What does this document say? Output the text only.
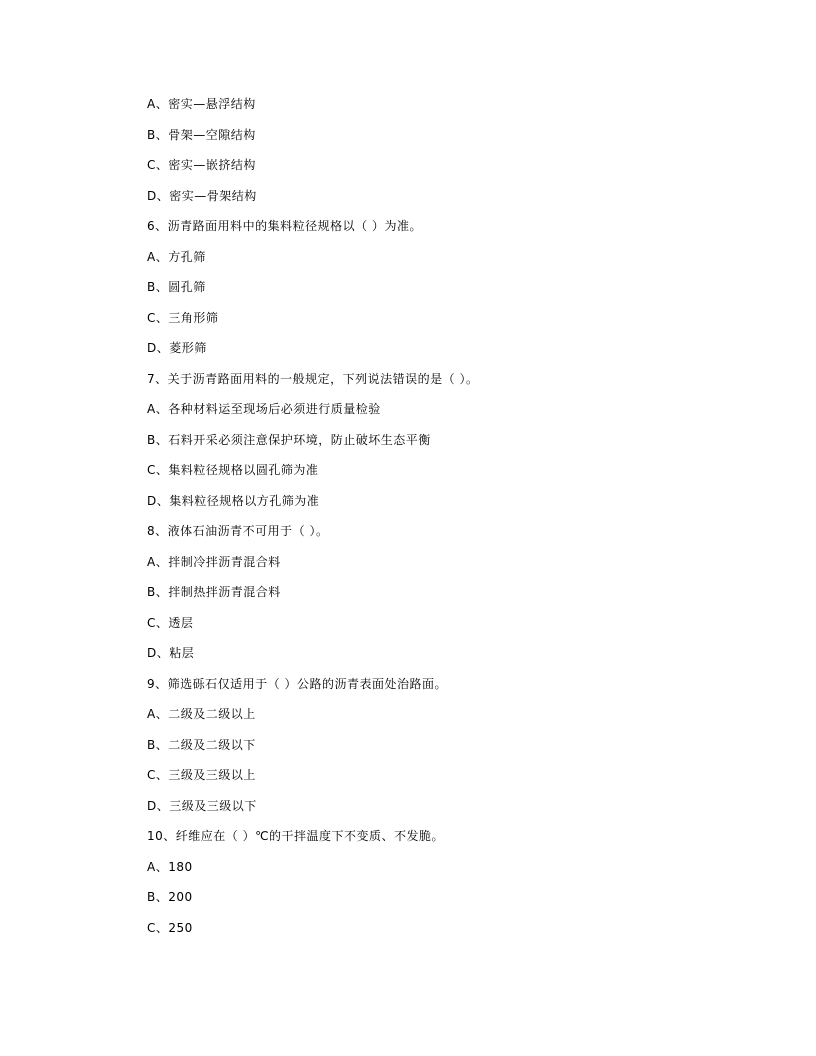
A、密实—悬浮结构
B、骨架—空隙结构
C、密实—嵌挤结构
D、密实—骨架结构
6、沥青路面用料中的集料粒径规格以（ ）为准。
A、方孔筛
B、圆孔筛
C、三角形筛
D、菱形筛
7、关于沥青路面用料的一般规定，下列说法错误的是（ ）。
A、各种材料运至现场后必须进行质量检验
B、石料开采必须注意保护环境，防止破坏生态平衡
C、集料粒径规格以圆孔筛为准
D、集料粒径规格以方孔筛为准
8、液体石油沥青不可用于（ ）。
A、拌制冷拌沥青混合料
B、拌制热拌沥青混合料
C、透层
D、粘层
9、筛选砾石仅适用于（ ）公路的沥青表面处治路面。
A、二级及二级以上
B、二级及二级以下
C、三级及三级以上
D、三级及三级以下
10、纤维应在（ ）℃的干拌温度下不变质、不发脆。
A、180
B、200
C、250
